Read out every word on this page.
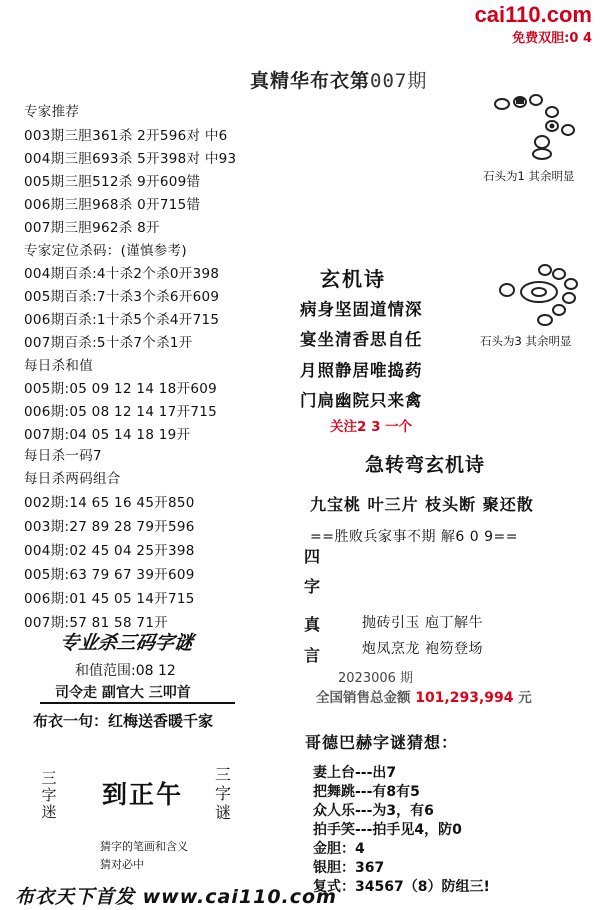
cai110.com
免费双胆:0 4
真精华布衣第007期
专家推荐
003期三胆361杀 2开596对 中6
004期三胆693杀 5开398对 中93
005期三胆512杀 9开609错
006期三胆968杀 0开715错
007期三胆962杀 8开
专家定位杀码：(谨慎参考)
004期百杀:4十杀2个杀0开398
005期百杀:7十杀3个杀6开609
006期百杀:1十杀5个杀4开715
007期百杀:5十杀7个杀1开
每日杀和值
005期:05 09 12 14 18开609
006期:05 08 12 14 17开715
007期:04 05 14 18 19开
每日杀一码7
每日杀两码组合
002期:14 65 16 45开850
003期:27 89 28 79开596
004期:02 45 04 25开398
005期:63 79 67 39开609
006期:01 45 05 14开715
007期:57 81 58 71开
专业杀三码字谜
和值范围:08 12
司令走 副官大 三叩首
布衣一句：红梅送香暖千家
三字迷
到正午
三字谜
猜字的笔画和含义
猜对必中
布衣天下首发 www.cai110.com
石头为1 其余明显
石头为3 其余明显
玄机诗
病身坚固道情深
宴坐清香思自任
月照静居唯捣药
门扃幽院只来禽
关注2 3 一个
急转弯玄机诗
九宝桃 叶三片 枝头断 聚还散
==胜败兵家事不期 解6 0 9==
四
字
真
言
抛砖引玉 庖丁解牛
炮凤烹龙 袍笏登场
2023006 期
全国销售总金额 101,293,994 元
哥德巴赫字谜猜想：
妻上台---出7
把舞跳---有8有5
众人乐---为3，有6
拍手笑---拍手见4，防0
金胆：4
银胆：367
复式：34567（8）防组三!
